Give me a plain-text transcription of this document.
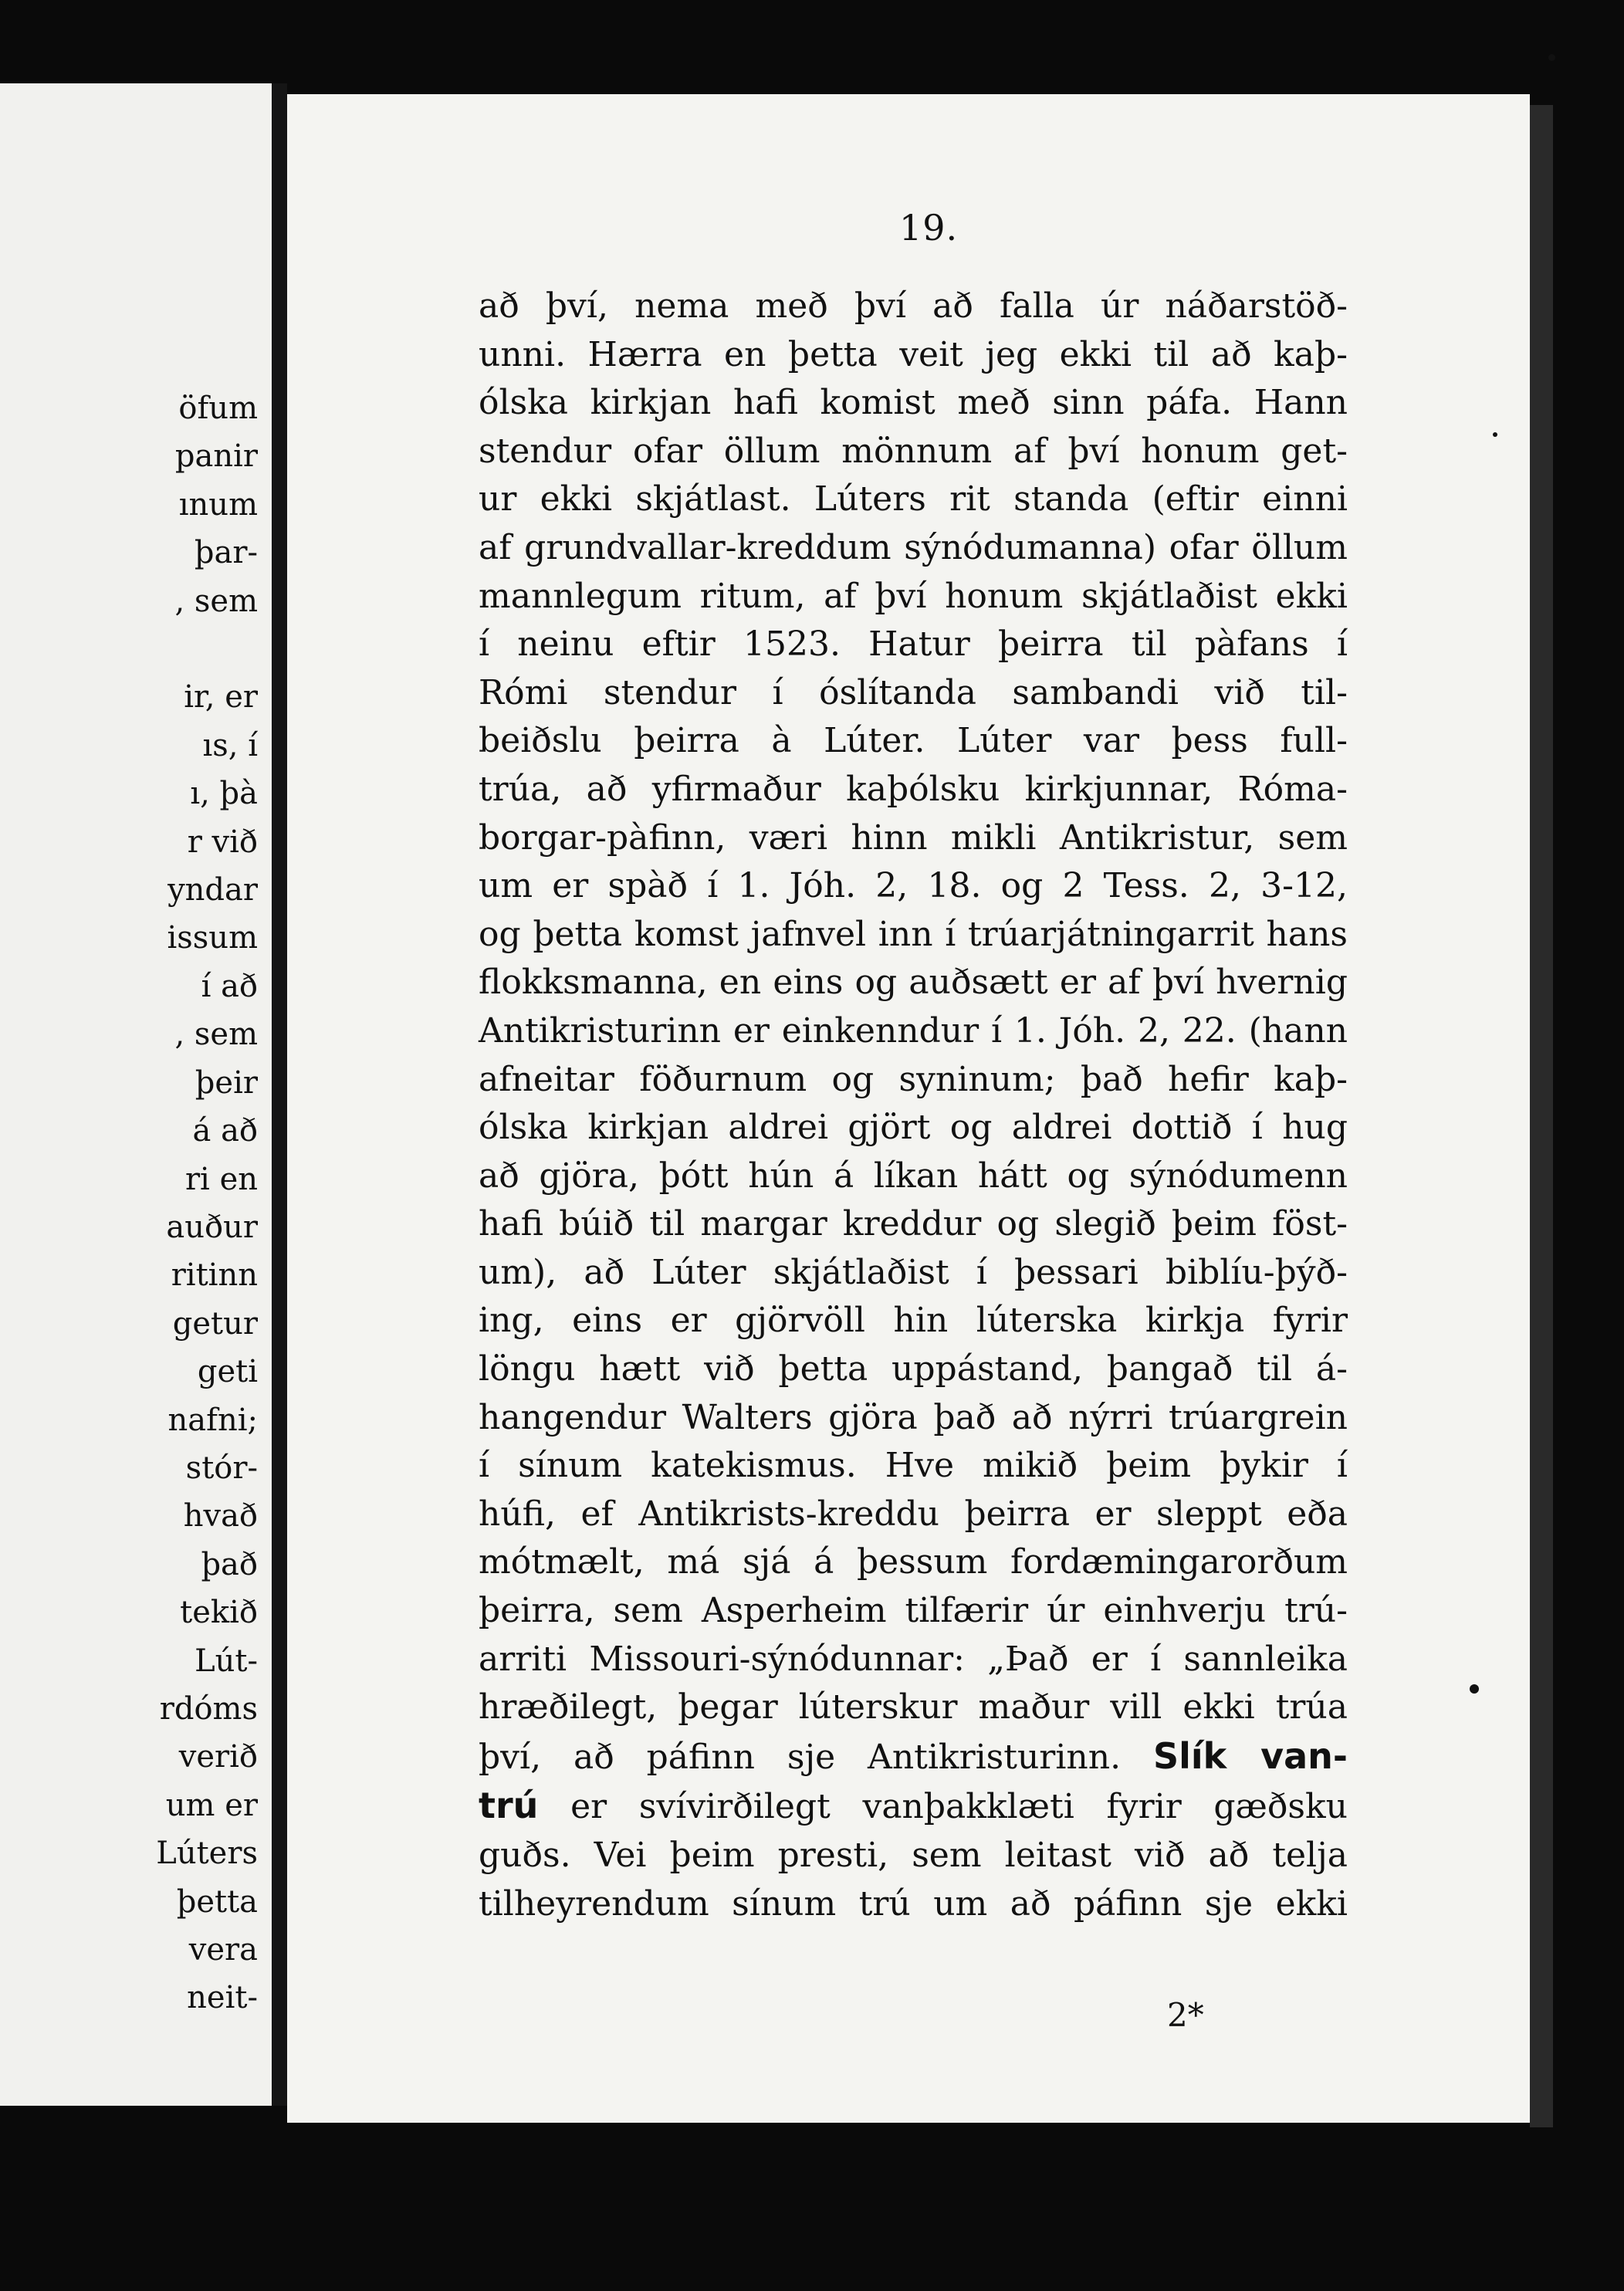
öfum
panir
ınum
þar-
, sem

ir, er
ıs, í
ı, þà
r við
yndar
issum
í að
, sem
þeir
á að
ri en
auður
ritinn
getur
geti
nafni;
stór-
hvað
það
tekið
Lút-
rdóms
verið
um er
Lúters
þetta
vera
neit-
19.
að því, nema með því að falla úr náðarstöð-
unni. Hærra en þetta veit jeg ekki til að kaþ-
ólska kirkjan hafi komist með sinn páfa. Hann
stendur ofar öllum mönnum af því honum get-
ur ekki skjátlast. Lúters rit standa (eftir einni
af grundvallar-kreddum sýnódumanna) ofar öllum
mannlegum ritum, af því honum skjátlaðist ekki
í neinu eftir 1523. Hatur þeirra til pàfans í
Rómi stendur í óslítanda sambandi við til-
beiðslu þeirra à Lúter. Lúter var þess full-
trúa, að yfirmaður kaþólsku kirkjunnar, Róma-
borgar-pàfinn, væri hinn mikli Antikristur, sem
um er spàð í 1. Jóh. 2, 18. og 2 Tess. 2, 3-12,
og þetta komst jafnvel inn í trúarjátningarrit hans
flokksmanna, en eins og auðsætt er af því hvernig
Antikristurinn er einkenndur í 1. Jóh. 2, 22. (hann
afneitar föðurnum og syninum; það hefir kaþ-
ólska kirkjan aldrei gjört og aldrei dottið í hug
að gjöra, þótt hún á líkan hátt og sýnódumenn
hafi búið til margar kreddur og slegið þeim föst-
um), að Lúter skjátlaðist í þessari biblíu-þýð-
ing, eins er gjörvöll hin lúterska kirkja fyrir
löngu hætt við þetta uppástand, þangað til á-
hangendur Walters gjöra það að nýrri trúargrein
í sínum katekismus. Hve mikið þeim þykir í
húfi, ef Antikrists-kreddu þeirra er sleppt eða
mótmælt, má sjá á þessum fordæmingarorðum
þeirra, sem Asperheim tilfærir úr einhverju trú-
arriti Missouri-sýnódunnar: „Það er í sannleika
hræðilegt, þegar lúterskur maður vill ekki trúa
því, að páfinn sje Antikristurinn. Slík van-
trú er svívirðilegt vanþakklæti fyrir gæðsku
guðs. Vei þeim presti, sem leitast við að telja
tilheyrendum sínum trú um að páfinn sje ekki
2*
